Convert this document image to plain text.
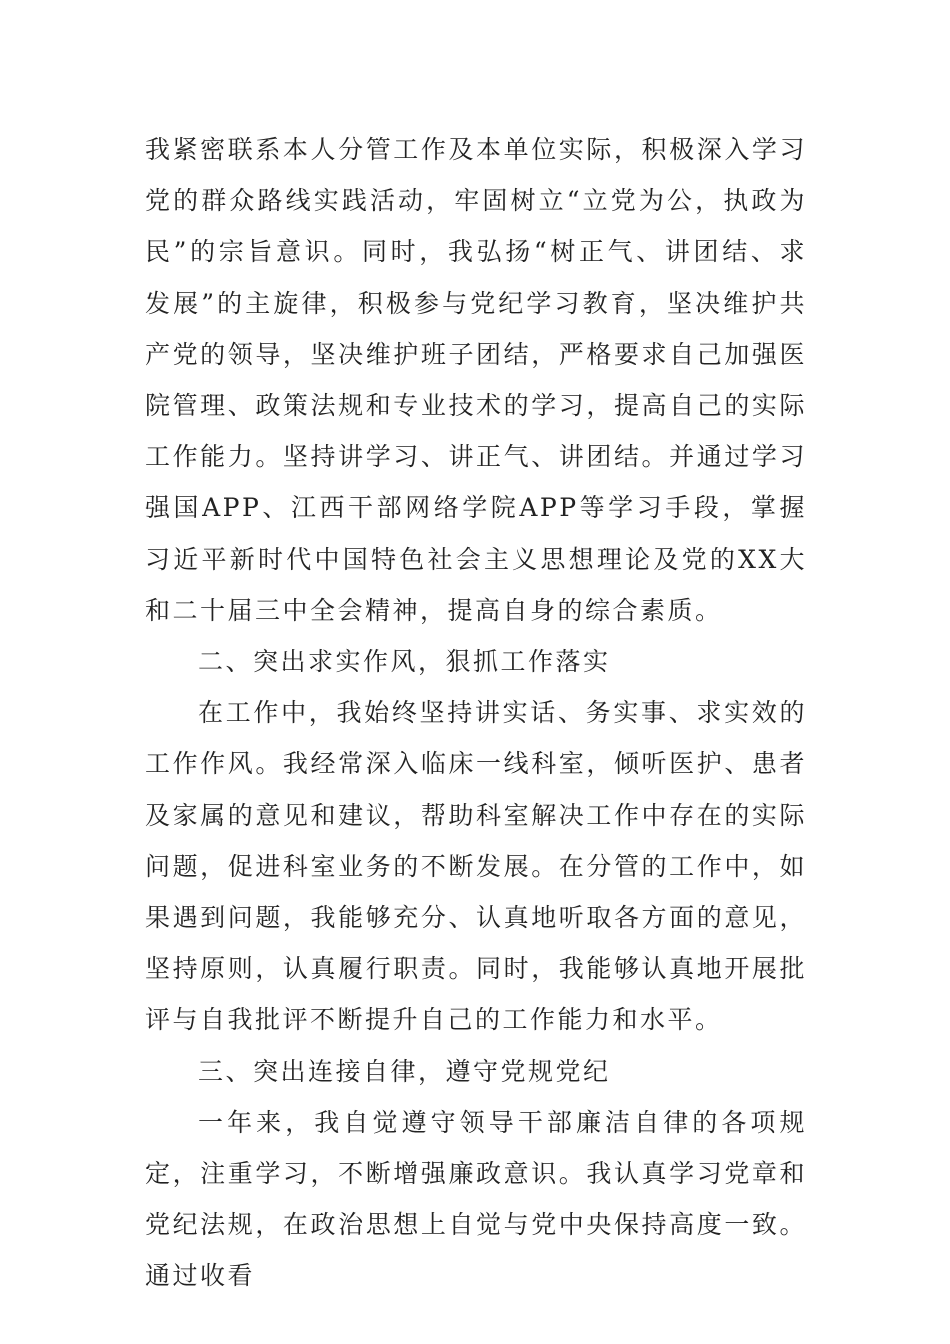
我紧密联系本人分管工作及本单位实际，积极深入学习党的群众路线实践活动，牢固树立“立党为公，执政为民”的宗旨意识。同时，我弘扬“树正气、讲团结、求发展”的主旋律，积极参与党纪学习教育，坚决维护共产党的领导，坚决维护班子团结，严格要求自己加强医院管理、政策法规和专业技术的学习，提高自己的实际工作能力。坚持讲学习、讲正气、讲团结。并通过学习强国APP、江西干部网络学院APP等学习手段，掌握习近平新时代中国特色社会主义思想理论及党的XX大和二十届三中全会精神，提高自身的综合素质。

二、突出求实作风，狠抓工作落实

在工作中，我始终坚持讲实话、务实事、求实效的工作作风。我经常深入临床一线科室，倾听医护、患者及家属的意见和建议，帮助科室解决工作中存在的实际问题，促进科室业务的不断发展。在分管的工作中，如果遇到问题，我能够充分、认真地听取各方面的意见，坚持原则，认真履行职责。同时，我能够认真地开展批评与自我批评不断提升自己的工作能力和水平。

三、突出连接自律，遵守党规党纪

一年来，我自觉遵守领导干部廉洁自律的各项规定，注重学习，不断增强廉政意识。我认真学习党章和党纪法规，在政治思想上自觉与党中央保持高度一致。通过收看
